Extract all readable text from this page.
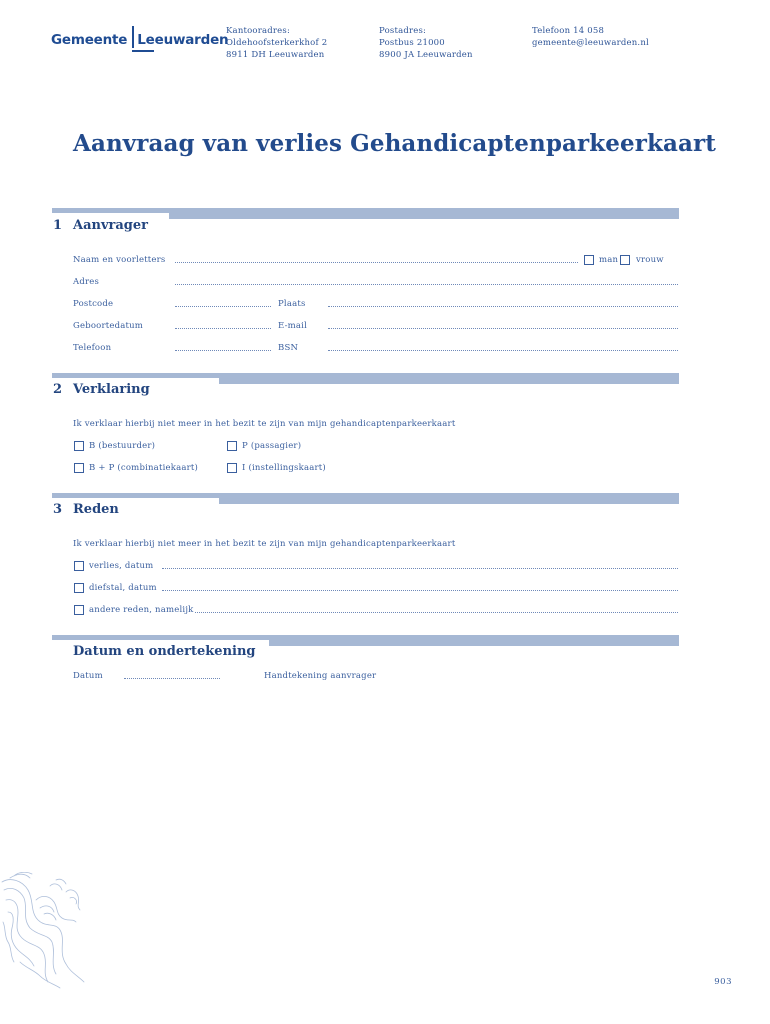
Gemeente Leeuwarden
Kantooradres:
Oldehoofsterkerkhof 2
8911 DH Leeuwarden
Postadres:
Postbus 21000
8900 JA Leeuwarden
Telefoon 14 058
gemeente@leeuwarden.nl
Aanvraag van verlies Gehandicaptenparkeerkaart
1 Aanvrager
Naam en voorletters	man vrouw
Adres
Postcode	Plaats
Geboortedatum	E-mail
Telefoon	BSN
2 Verklaring
Ik verklaar hierbij niet meer in het bezit te zijn van mijn gehandicaptenparkeerkaart
B (bestuurder)	P (passagier)
B + P (combinatiekaart)	I (instellingskaart)
3 Reden
Ik verklaar hierbij niet meer in het bezit te zijn van mijn gehandicaptenparkeerkaart
verlies, datum
diefstal, datum
andere reden, namelijk
Datum en ondertekening
Datum	Handtekening aanvrager
903
